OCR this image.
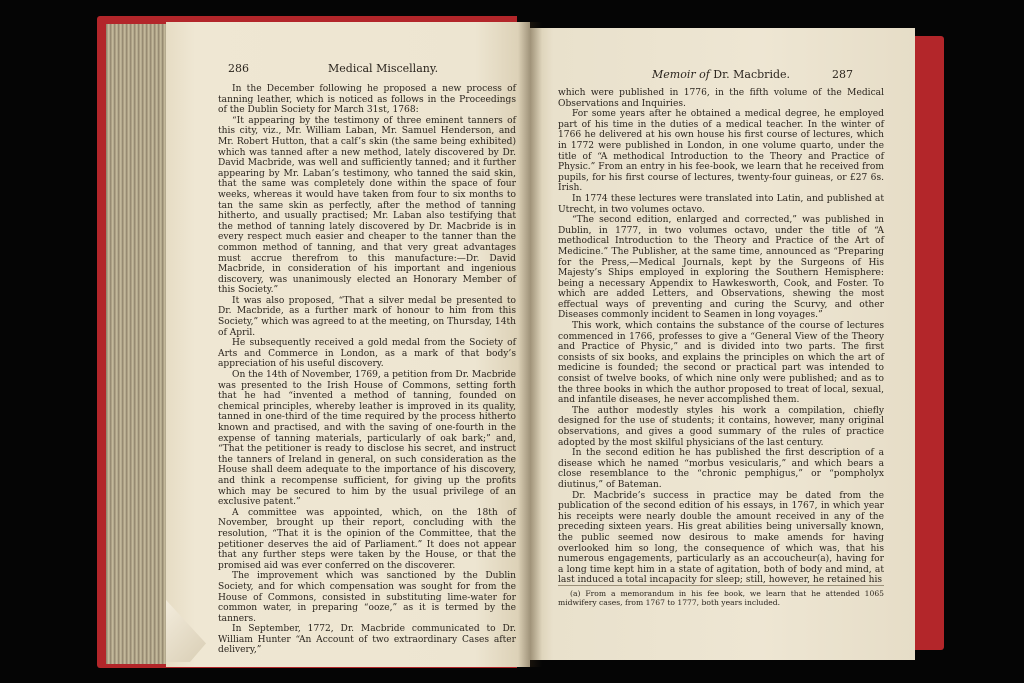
286	Medical Miscellany.

In the December following he proposed a new process of tanning leather, which is noticed as follows in the Proceedings of the Dublin Society for March 31st, 1768:

“It appearing by the testimony of three eminent tanners of this city, viz., Mr. William Laban, Mr. Samuel Henderson, and Mr. Robert Hutton, that a calf’s skin (the same being exhibited) which was tanned after a new method, lately discovered by Dr. David Macbride, was well and sufficiently tanned; and it further appearing by Mr. Laban’s testimony, who tanned the said skin, that the same was completely done within the space of four weeks, whereas it would have taken from four to six months to tan the same skin as perfectly, after the method of tanning hitherto, and usually practised; Mr. Laban also testifying that the method of tanning lately discovered by Dr. Macbride is in every respect much easier and cheaper to the tanner than the common method of tanning, and that very great advantages must accrue therefrom to this manufacture:—Dr. David Macbride, in consideration of his important and ingenious discovery, was unanimously elected an Honorary Member of this Society.”

It was also proposed, “That a silver medal be presented to Dr. Macbride, as a further mark of honour to him from this Society,” which was agreed to at the meeting, on Thursday, 14th of April.

He subsequently received a gold medal from the Society of Arts and Commerce in London, as a mark of that body’s appreciation of his useful discovery.

On the 14th of November, 1769, a petition from Dr. Macbride was presented to the Irish House of Commons, setting forth that he had “invented a method of tanning, founded on chemical principles, whereby leather is improved in its quality, tanned in one-third of the time required by the process hitherto known and practised, and with the saving of one-fourth in the expense of tanning materials, particularly of oak bark;” and, “That the petitioner is ready to disclose his secret, and instruct the tanners of Ireland in general, on such consideration as the House shall deem adequate to the importance of his discovery, and think a recompense sufficient, for giving up the profits which may be secured to him by the usual privilege of an exclusive patent.”

A committee was appointed, which, on the 18th of November, brought up their report, concluding with the resolution, “That it is the opinion of the Committee, that the petitioner deserves the aid of Parliament.” It does not appear that any further steps were taken by the House, or that the promised aid was ever conferred on the discoverer.

The improvement which was sanctioned by the Dublin Society, and for which compensation was sought for from the House of Commons, consisted in substituting lime-water for common water, in preparing “ooze,” as it is termed by the tanners.

In September, 1772, Dr. Macbride communicated to Dr. William Hunter “An Account of two extraordinary Cases after delivery,”

Memoir of Dr. Macbride.	287

which were published in 1776, in the fifth volume of the Medical Observations and Inquiries.

For some years after he obtained a medical degree, he employed part of his time in the duties of a medical teacher. In the winter of 1766 he delivered at his own house his first course of lectures, which in 1772 were published in London, in one volume quarto, under the title of “A methodical Introduction to the Theory and Practice of Physic.” From an entry in his fee-book, we learn that he received from pupils, for his first course of lectures, twenty-four guineas, or £27 6s. Irish.

In 1774 these lectures were translated into Latin, and published at Utrecht, in two volumes octavo.

“The second edition, enlarged and corrected,” was published in Dublin, in 1777, in two volumes octavo, under the title of “A methodical Introduction to the Theory and Practice of the Art of Medicine.” The Publisher, at the same time, announced as “Preparing for the Press,—Medical Journals, kept by the Surgeons of His Majesty’s Ships employed in exploring the Southern Hemisphere: being a necessary Appendix to Hawkesworth, Cook, and Foster. To which are added Letters, and Observations, shewing the most effectual ways of preventing and curing the Scurvy, and other Diseases commonly incident to Seamen in long voyages.”

This work, which contains the substance of the course of lectures commenced in 1766, professes to give a “General View of the Theory and Practice of Physic,” and is divided into two parts. The first consists of six books, and explains the principles on which the art of medicine is founded; the second or practical part was intended to consist of twelve books, of which nine only were published; and as to the three books in which the author proposed to treat of local, sexual, and infantile diseases, he never accomplished them.

The author modestly styles his work a compilation, chiefly designed for the use of students; it contains, however, many original observations, and gives a good summary of the rules of practice adopted by the most skilful physicians of the last century.

In the second edition he has published the first description of a disease which he named “morbus vesicularis,” and which bears a close resemblance to the “chronic pemphigus,” or “pompholyx diutinus,” of Bateman.

Dr. Macbride’s success in practice may be dated from the publication of the second edition of his essays, in 1767, in which year his receipts were nearly double the amount received in any of the preceding sixteen years. His great abilities being universally known, the public seemed now desirous to make amends for having overlooked him so long, the consequence of which was, that his numerous engagements, particularly as an accoucheur(a), having for a long time kept him in a state of agitation, both of body and mind, at last induced a total incapacity for sleep; still, however, he retained his

(a) From a memorandum in his fee book, we learn that he attended 1065 midwifery cases, from 1767 to 1777, both years included.
